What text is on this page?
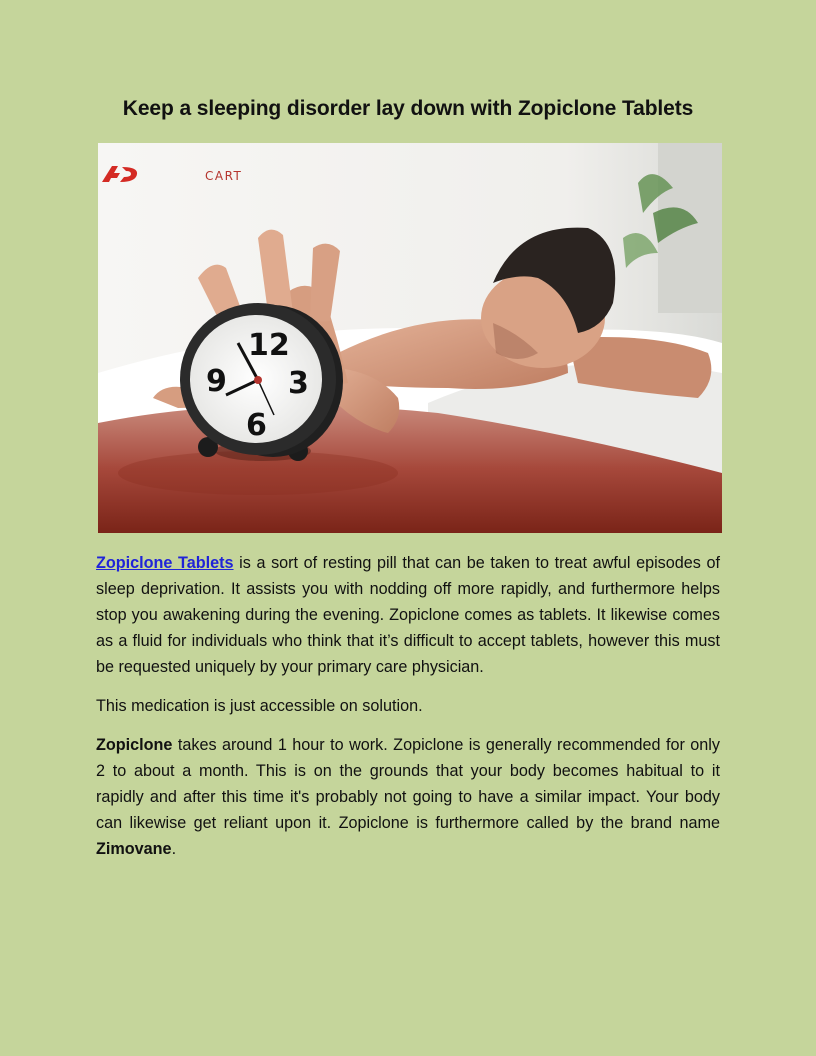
Keep a sleeping disorder lay down with Zopiclone Tablets
12
3
6
9
CART

Zopiclone Tablets is a sort of resting pill that can be taken to treat awful episodes of sleep deprivation. It assists you with nodding off more rapidly, and furthermore helps stop you awakening during the evening. Zopiclone comes as tablets. It likewise comes as a fluid for individuals who think that it’s difficult to accept tablets, however this must be requested uniquely by your primary care physician.

This medication is just accessible on solution.

Zopiclone takes around 1 hour to work. Zopiclone is generally recommended for only 2 to about a month. This is on the grounds that your body becomes habitual to it rapidly and after this time it's probably not going to have a similar impact. Your body can likewise get reliant upon it. Zopiclone is furthermore called by the brand name Zimovane.
